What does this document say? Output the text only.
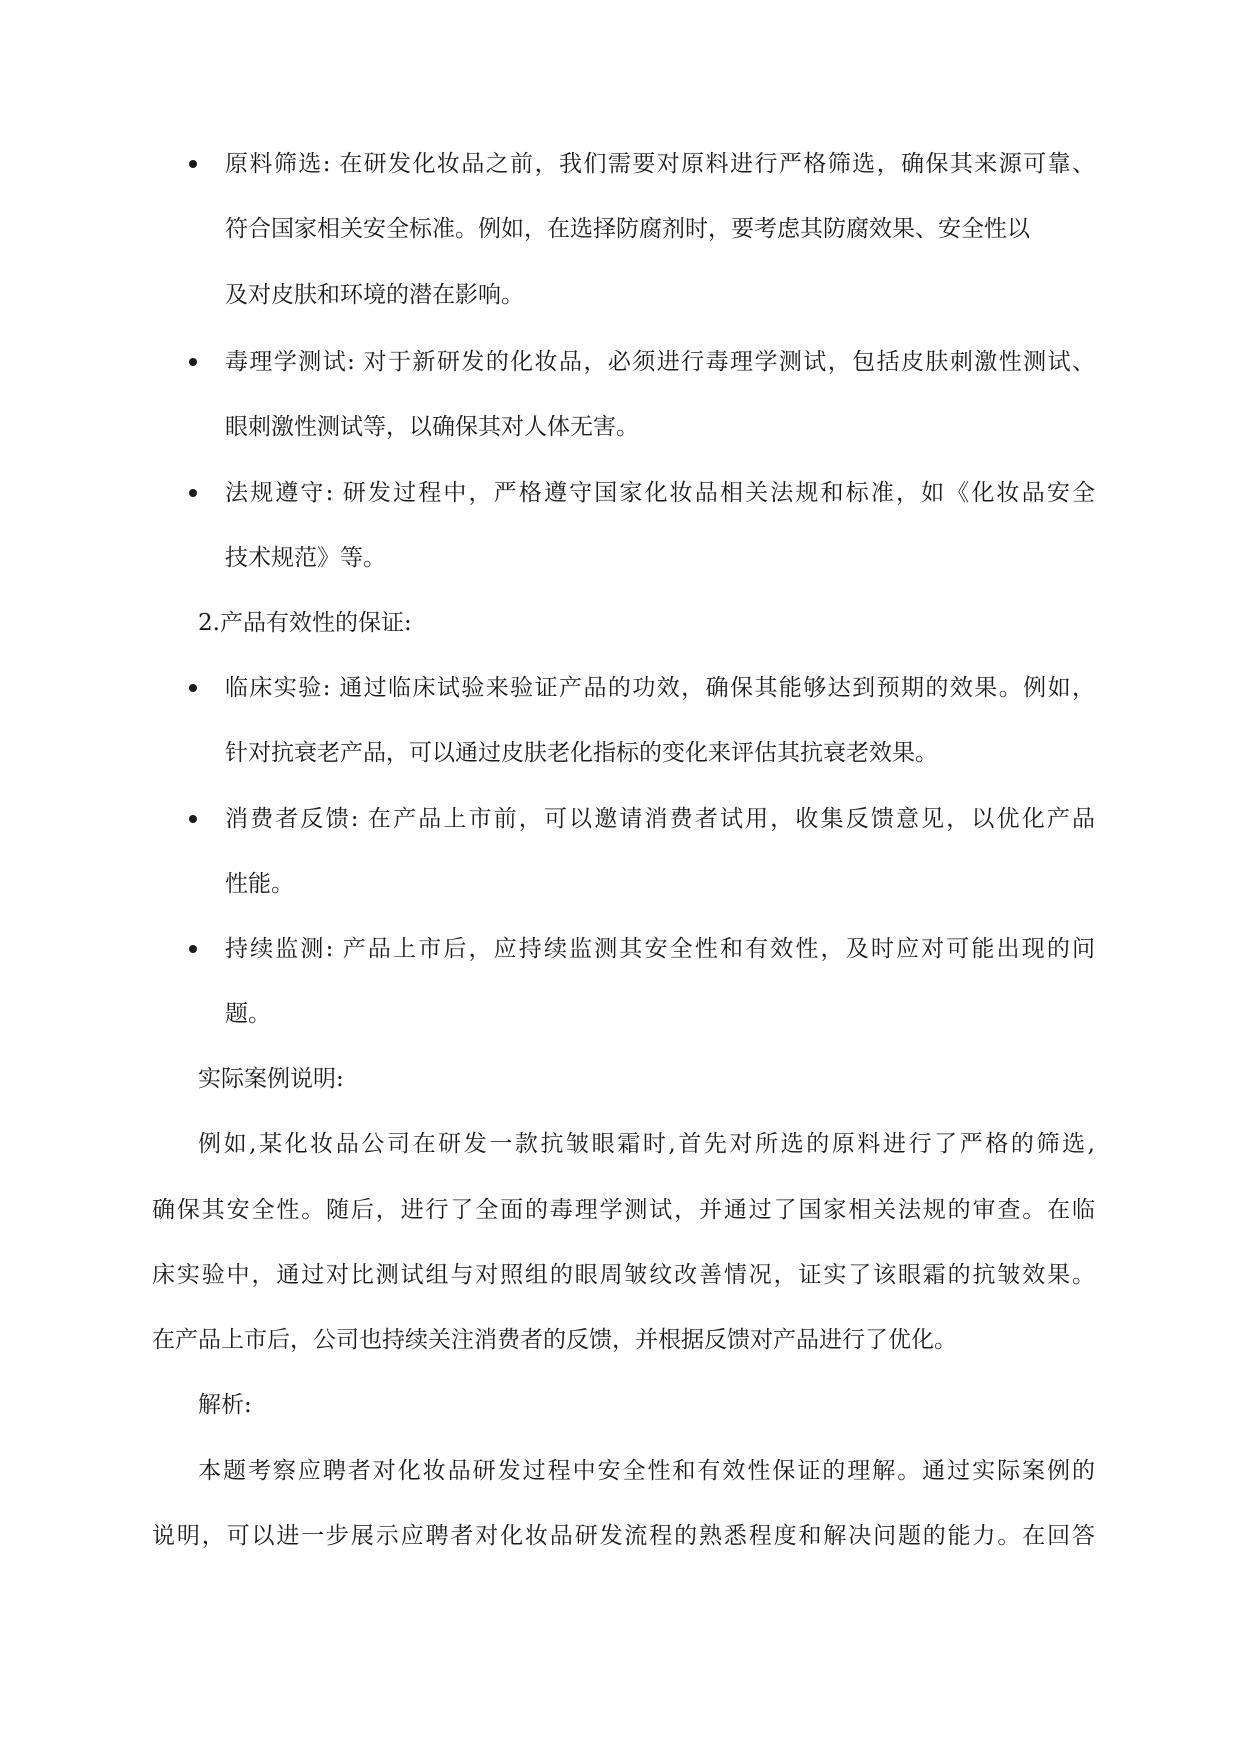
原料筛选: 在研发化妆品之前，我们需要对原料进行严格筛选，确保其来源可靠、
符合国家相关安全标准。例如，在选择防腐剂时，要考虑其防腐效果、安全性以
及对皮肤和环境的潜在影响。
毒理学测试: 对于新研发的化妆品，必须进行毒理学测试，包括皮肤刺激性测试、
眼刺激性测试等，以确保其对人体无害。
法规遵守: 研发过程中，严格遵守国家化妆品相关法规和标准，如《化妆品安全
技术规范》等。
2.产品有效性的保证:
临床实验: 通过临床试验来验证产品的功效，确保其能够达到预期的效果。例如，
针对抗衰老产品，可以通过皮肤老化指标的变化来评估其抗衰老效果。
消费者反馈: 在产品上市前，可以邀请消费者试用，收集反馈意见，以优化产品
性能。
持续监测: 产品上市后，应持续监测其安全性和有效性，及时应对可能出现的问
题。
实际案例说明:
例如,某化妆品公司在研发一款抗皱眼霜时,首先对所选的原料进行了严格的筛选,
确保其安全性。随后，进行了全面的毒理学测试，并通过了国家相关法规的审查。在临
床实验中，通过对比测试组与对照组的眼周皱纹改善情况，证实了该眼霜的抗皱效果。
在产品上市后，公司也持续关注消费者的反馈，并根据反馈对产品进行了优化。
解析:
本题考察应聘者对化妆品研发过程中安全性和有效性保证的理解。通过实际案例的
说明，可以进一步展示应聘者对化妆品研发流程的熟悉程度和解决问题的能力。在回答
